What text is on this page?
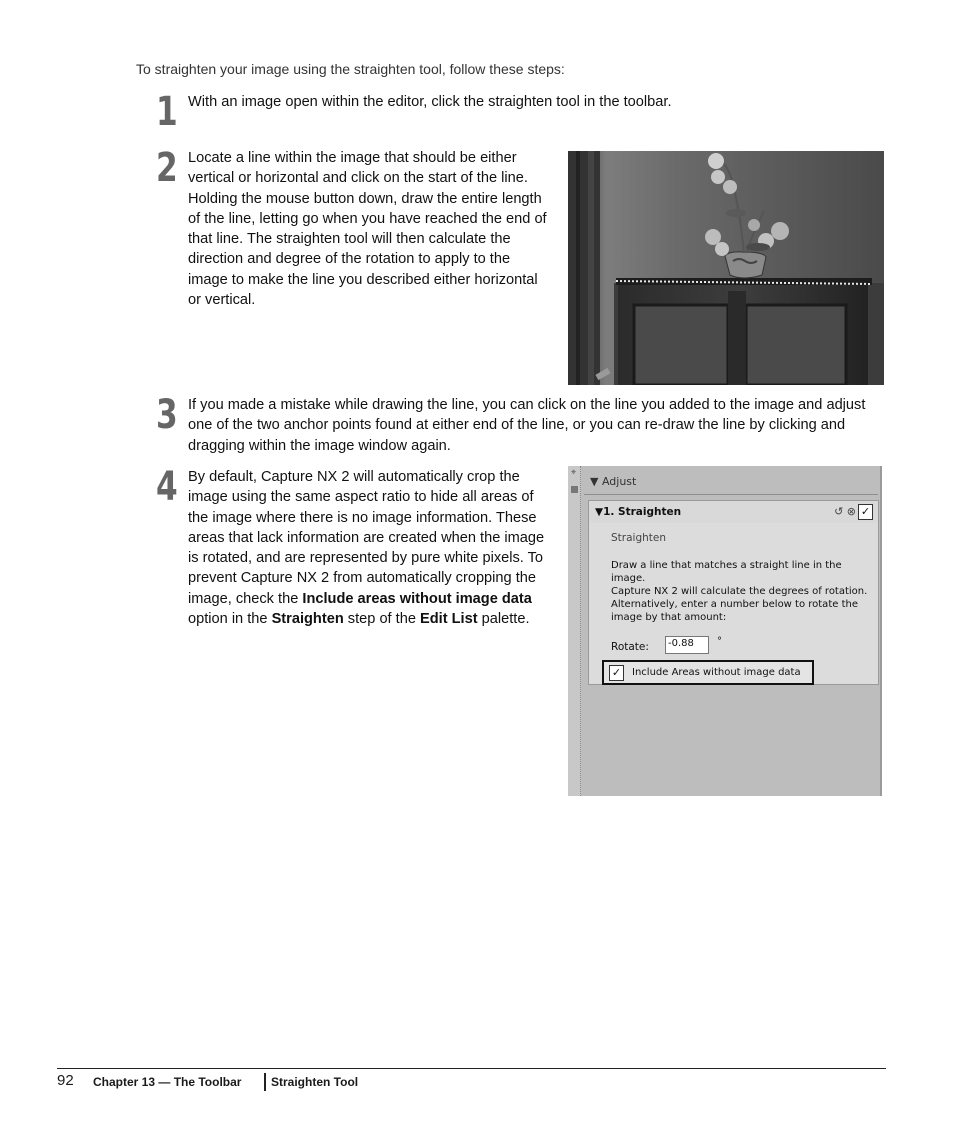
To straighten your image using the straighten tool, follow these steps:

1 With an image open within the editor, click the straighten tool in the toolbar.

2 Locate a line within the image that should be either vertical or horizontal and click on the start of the line. Holding the mouse button down, draw the entire length of the line, letting go when you have reached the end of that line. The straighten tool will then calculate the direction and degree of the rotation to apply to the image to make the line you described either horizontal or vertical.

3 If you made a mistake while drawing the line, you can click on the line you added to the image and adjust one of the two anchor points found at either end of the line, or you can re-draw the line by clicking and dragging within the image window again.

4 By default, Capture NX 2 will automatically crop the image using the same aspect ratio to hide all areas of the image where there is no image information. These areas that lack information are created when the image is rotated, and are represented by pure white pixels. To prevent Capture NX 2 from automatically cropping the image, check the Include areas without image data option in the Straighten step of the Edit List palette.

⌖
▼ Adjust
▼1. Straighten	↺ ⊗ ✓
Straighten

Draw a line that matches a straight line in the
image.
Capture NX 2 will calculate the degrees of rotation.
Alternatively, enter a number below to rotate the
image by that amount:

Rotate:	-0.88	°
✓ Include Areas without image data
92 Chapter 13 — The Toolbar Straighten Tool
